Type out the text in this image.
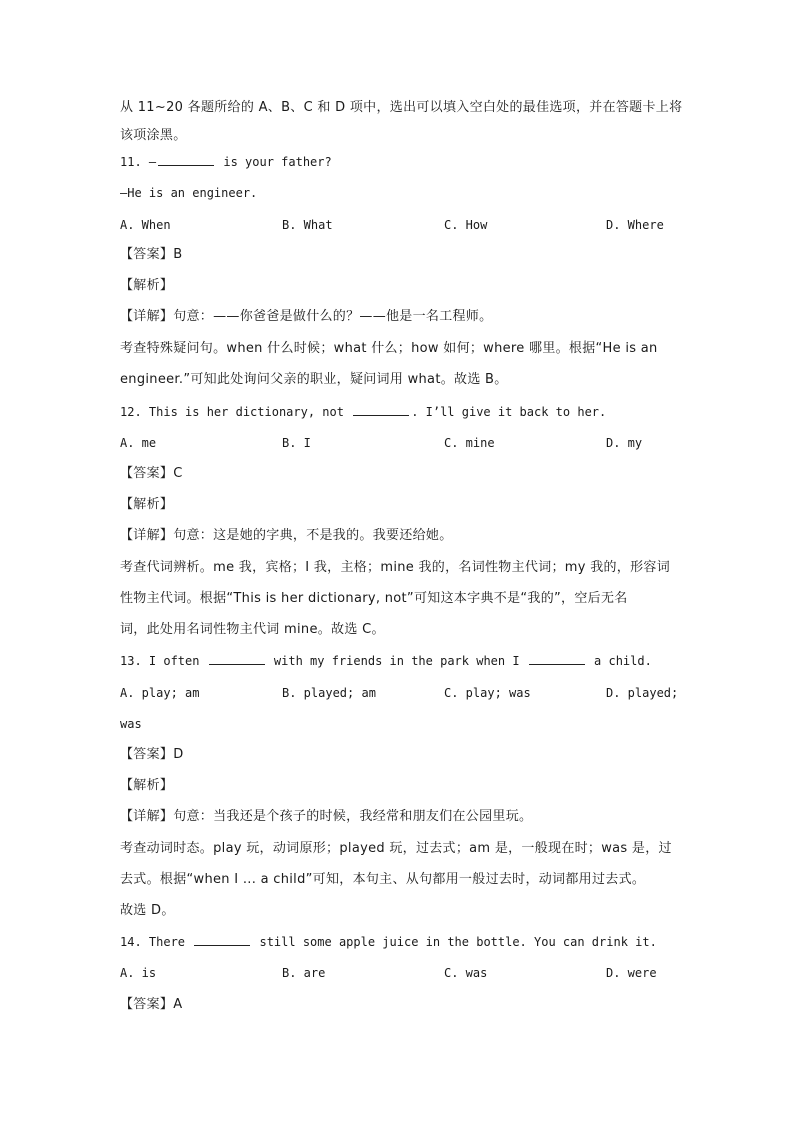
从 11~20 各题所给的 A、B、C 和 D 项中，选出可以填入空白处的最佳选项，并在答题卡上将
该项涂黑。
11. —	is your father?
—He is an engineer.
A. When	B. What	C. How	D. Where
【答案】B
【解析】
【详解】句意：——你爸爸是做什么的？——他是一名工程师。
考查特殊疑问句。when 什么时候；what 什么；how 如何；where 哪里。根据“He is an
engineer.”可知此处询问父亲的职业，疑问词用 what。故选 B。
12. This is her dictionary, not	. I’ll give it back to her.
A. me	B. I	C. mine	D. my
【答案】C
【解析】
【详解】句意：这是她的字典，不是我的。我要还给她。
考查代词辨析。me 我，宾格；I 我，主格；mine 我的，名词性物主代词；my 我的，形容词
性物主代词。根据“This is her dictionary, not”可知这本字典不是“我的”，空后无名
词，此处用名词性物主代词 mine。故选 C。
13. I often	with my friends in the park when I	a child.
A. play; am	B. played; am	C. play; was	D. played;
was
【答案】D
【解析】
【详解】句意：当我还是个孩子的时候，我经常和朋友们在公园里玩。
考查动词时态。play 玩，动词原形；played 玩，过去式；am 是，一般现在时；was 是，过
去式。根据“when I ... a child”可知，本句主、从句都用一般过去时，动词都用过去式。
故选 D。
14. There	still some apple juice in the bottle. You can drink it.
A. is	B. are	C. was	D. were
【答案】A
